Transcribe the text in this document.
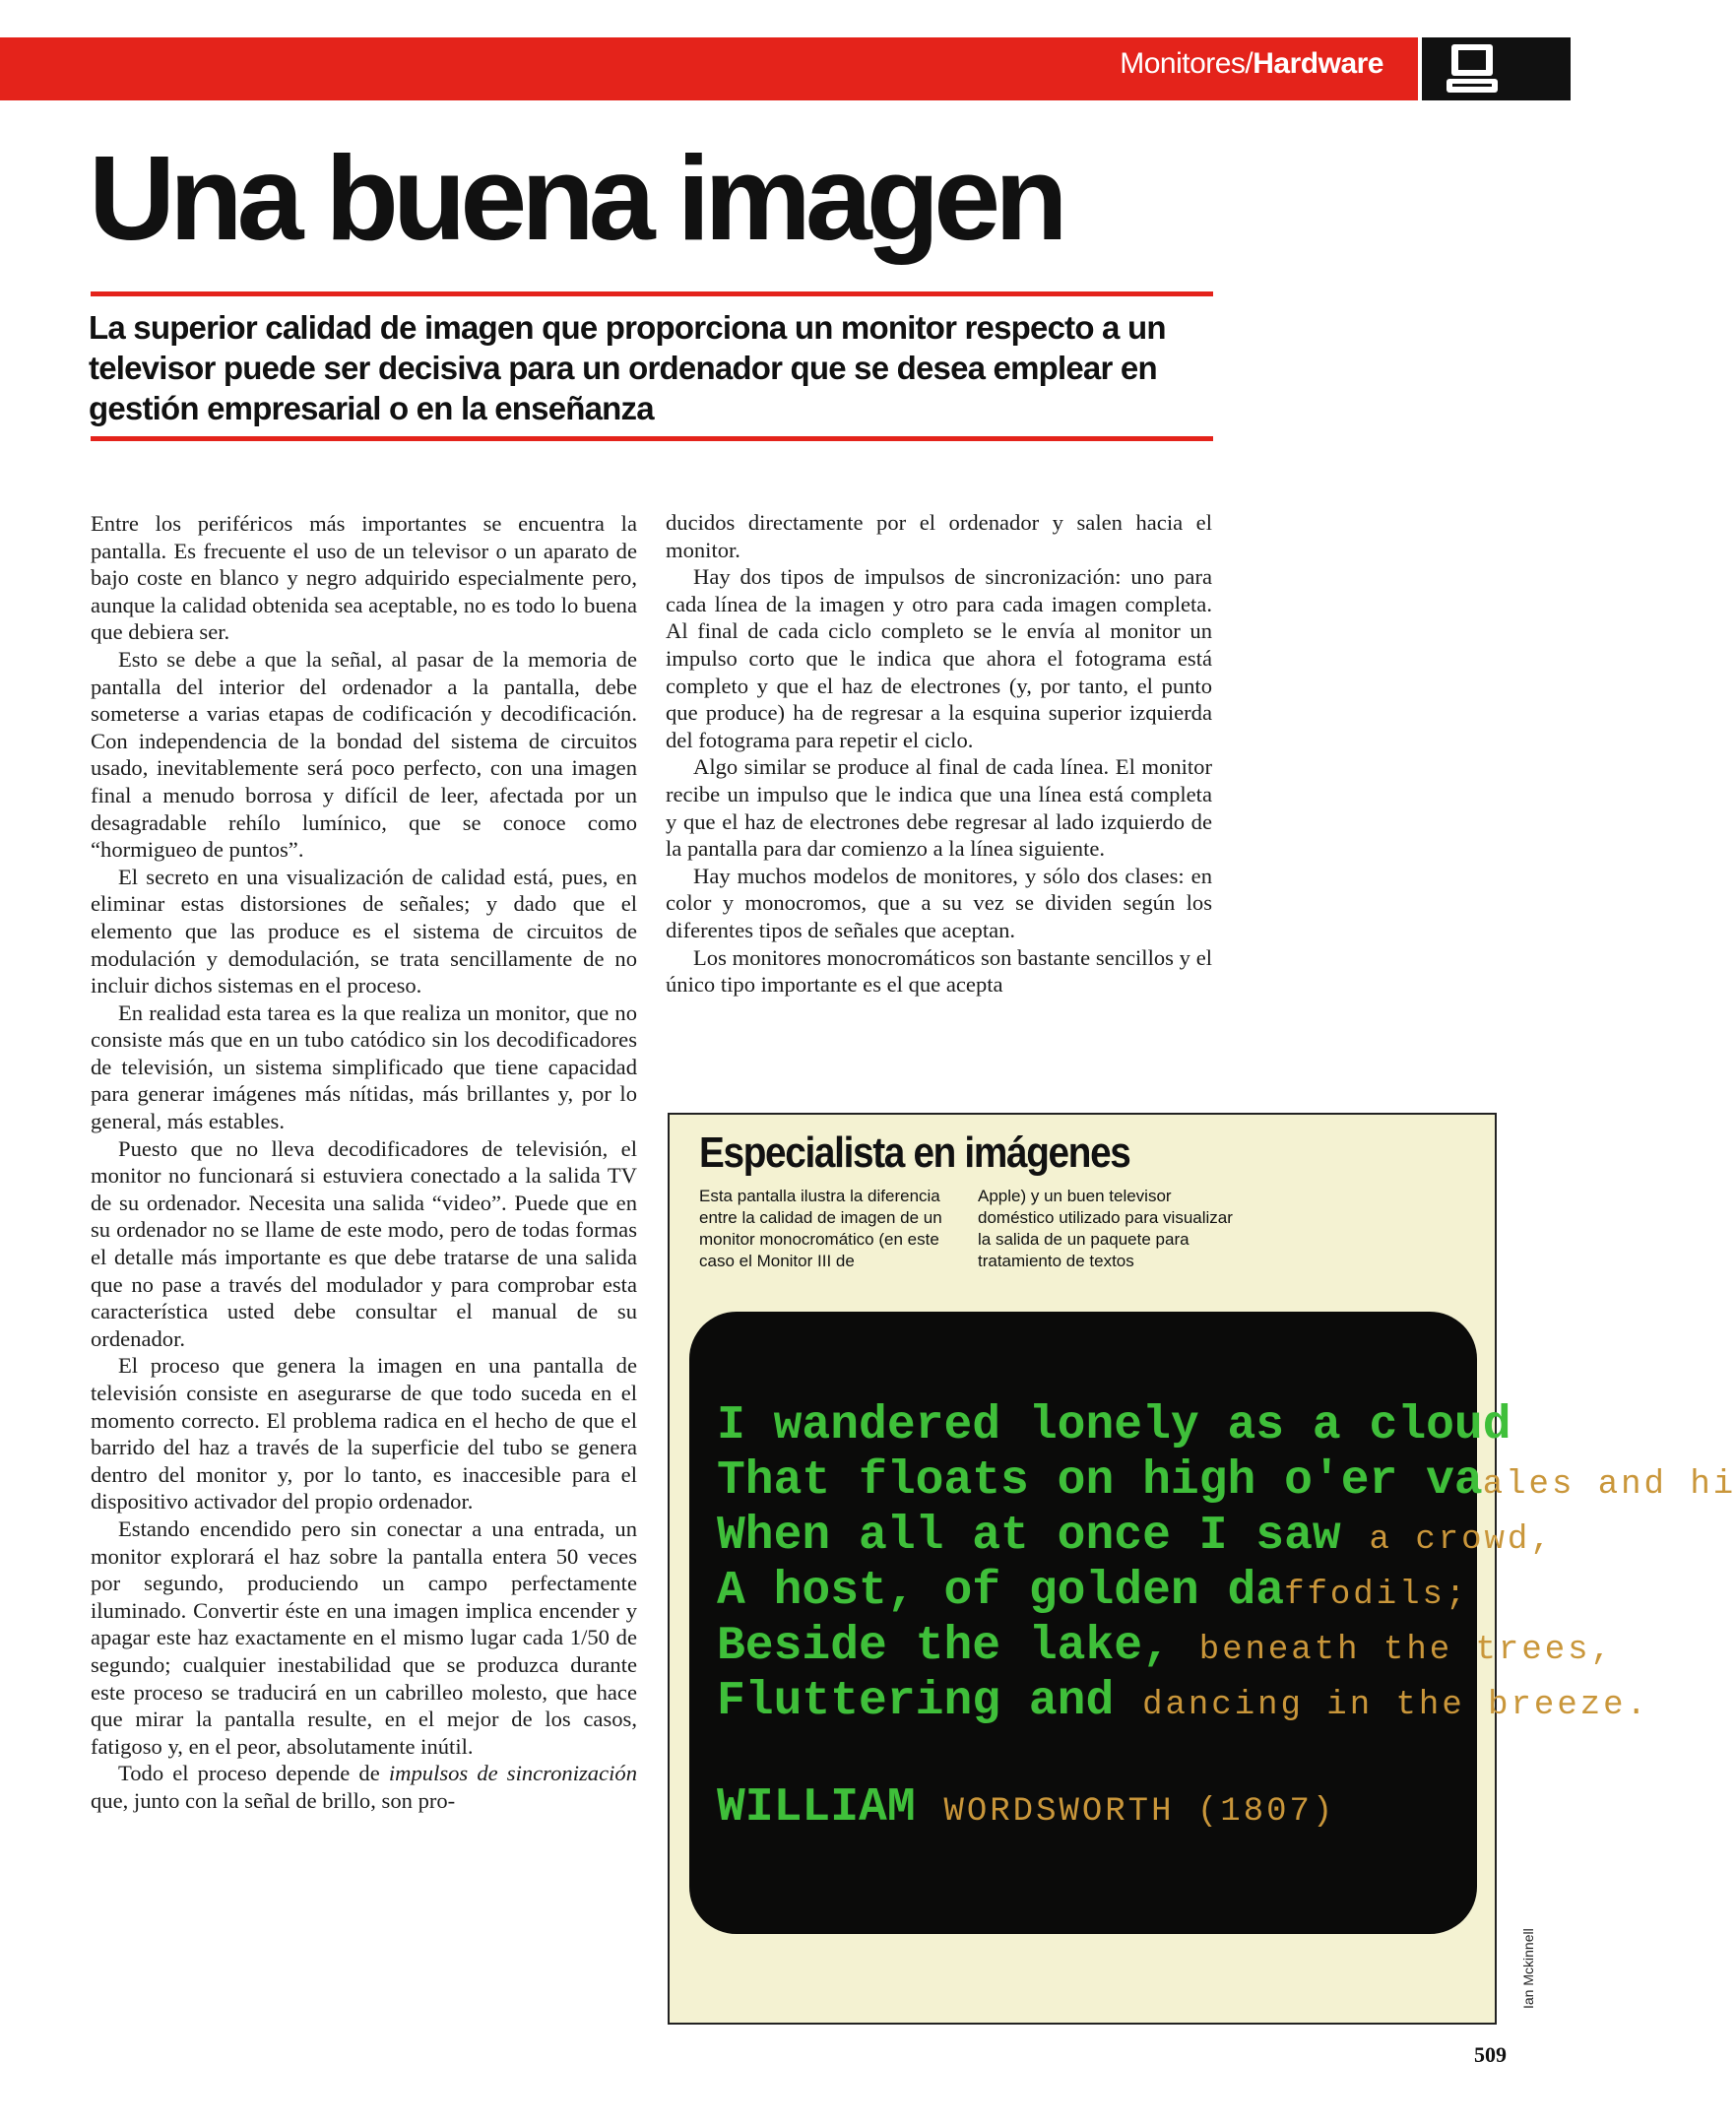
Monitores/Hardware
Una buena imagen

La superior calidad de imagen que proporciona un monitor respecto a un televisor puede ser decisiva para un ordenador que se desea emplear en gestión empresarial o en la enseñanza

Entre los periféricos más importantes se encuentra la pantalla. Es frecuente el uso de un televisor o un aparato de bajo coste en blanco y negro adquirido especialmente pero, aunque la calidad obtenida sea aceptable, no es todo lo buena que debiera ser.

Esto se debe a que la señal, al pasar de la memoria de pantalla del interior del ordenador a la pantalla, debe someterse a varias etapas de codificación y decodificación. Con independencia de la bondad del sistema de circuitos usado, inevitablemente será poco perfecto, con una imagen final a menudo borrosa y difícil de leer, afectada por un desagradable rehílo lumínico, que se conoce como “hormigueo de puntos”.

El secreto en una visualización de calidad está, pues, en eliminar estas distorsiones de señales; y dado que el elemento que las produce es el sistema de circuitos de modulación y demodulación, se trata sencillamente de no incluir dichos sistemas en el proceso.

En realidad esta tarea es la que realiza un monitor, que no consiste más que en un tubo catódico sin los decodificadores de televisión, un sistema simplificado que tiene capacidad para generar imágenes más nítidas, más brillantes y, por lo general, más estables.

Puesto que no lleva decodificadores de televisión, el monitor no funcionará si estuviera conectado a la salida TV de su ordenador. Necesita una salida “video”. Puede que en su ordenador no se llame de este modo, pero de todas formas el detalle más importante es que debe tratarse de una salida que no pase a través del modulador y para comprobar esta característica usted debe consultar el manual de su ordenador.

El proceso que genera la imagen en una pantalla de televisión consiste en asegurarse de que todo suceda en el momento correcto. El problema radica en el hecho de que el barrido del haz a través de la superficie del tubo se genera dentro del monitor y, por lo tanto, es inaccesible para el dispositivo activador del propio ordenador.

Estando encendido pero sin conectar a una entrada, un monitor explorará el haz sobre la pantalla entera 50 veces por segundo, produciendo un campo perfectamente iluminado. Convertir éste en una imagen implica encender y apagar este haz exactamente en el mismo lugar cada 1/50 de segundo; cualquier inestabilidad que se produzca durante este proceso se traducirá en un cabrilleo molesto, que hace que mirar la pantalla resulte, en el mejor de los casos, fatigoso y, en el peor, absolutamente inútil.

Todo el proceso depende de impulsos de sincronización que, junto con la señal de brillo, son pro-

ducidos directamente por el ordenador y salen hacia el monitor.

Hay dos tipos de impulsos de sincronización: uno para cada línea de la imagen y otro para cada imagen completa. Al final de cada ciclo completo se le envía al monitor un impulso corto que le indica que ahora el fotograma está completo y que el haz de electrones (y, por tanto, el punto que produce) ha de regresar a la esquina superior izquierda del fotograma para repetir el ciclo.

Algo similar se produce al final de cada línea. El monitor recibe un impulso que le indica que una línea está completa y que el haz de electrones debe regresar al lado izquierdo de la pantalla para dar comienzo a la línea siguiente.

Hay muchos modelos de monitores, y sólo dos clases: en color y monocromos, que a su vez se dividen según los diferentes tipos de señales que aceptan.

Los monitores monocromáticos son bastante sencillos y el único tipo importante es el que acepta

Especialista en imágenes

Esta pantalla ilustra la diferencia entre la calidad de imagen de un monitor monocromático (en este caso el Monitor III de

Apple) y un buen televisor doméstico utilizado para visualizar la salida de un paquete para tratamiento de textos

I wandered lonely as a cloud

That floats on high o'er vaales and hi

When all at once I saw a crowd,

A host, of golden daffodils;

Beside the lake, beneath the trees,

Fluttering and dancing in the breeze.

WILLIAM WORDSWORTH (1807)

Ian Mckinnell
509
